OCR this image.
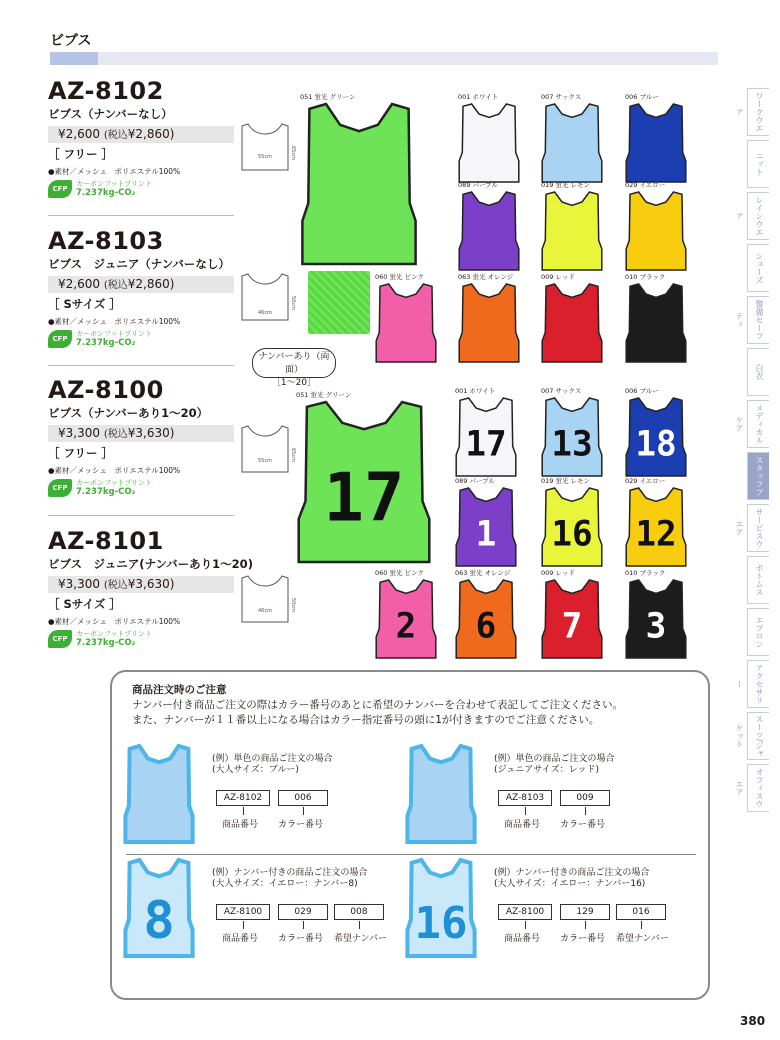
ビブス
AZ-8102
ビブス（ナンバーなし）
¥2,600 (税込¥2,860)
［ フリー ］
●素材／メッシュ　ポリエステル100%
CFP
カーボンフットプリント
7.237kg-CO₂
AZ-8103
ビブス　ジュニア（ナンバーなし）
¥2,600 (税込¥2,860)
［ Sサイズ ］
●素材／メッシュ　ポリエステル100%
CFP
カーボンフットプリント
7.237kg-CO₂
AZ-8100
ビブス（ナンバーあり1～20）
¥3,300 (税込¥3,630)
［ フリー ］
●素材／メッシュ　ポリエステル100%
CFP
カーボンフットプリント
7.237kg-CO₂
AZ-8101
ビブス　ジュニア(ナンバーあり1～20)
¥3,300 (税込¥3,630)
［ Sサイズ ］
●素材／メッシュ　ポリエステル100%
CFP
カーボンフットプリント
7.237kg-CO₂
55cm	65cm
46cm
50cm
55cm	65cm
46cm	50cm
ナンバーあり（両面）
［1～20］
051 蛍光 グリーン	001 ホワイト	007 サックス	006 ブルー
089 パープル	019 蛍光 レモン	029 イエロー
060 蛍光 ピンク	063 蛍光 オレンジ	009 レッド	010 ブラック
051 蛍光 グリーン
17
001 ホワイト
17
007 サックス
13
006 ブルー
18
089 パープル
1
019 蛍光 レモン
16
029 イエロー
12
060 蛍光 ピンク
2
063 蛍光 オレンジ
6
009 レッド
7
010 ブラック
3
ワークウエア
ニット
レインウエア
シューズ
警備セーフティ
白衣
メディカルケア
スタッフブルゾン
サービスウエア
ボトムス
エプロン
アクセサリー
スーツ/ジャケット
オフィスウエア
商品注文時のご注意
ナンバー付き商品ご注文の際はカラー番号のあとに希望のナンバーを合わせて表記してご注文ください。
また、ナンバーが１１番以上になる場合はカラー指定番号の頭に1が付きますのでご注意ください。
(例）単色の商品ご注文の場合
(大人サイズ：ブルー)
AZ-8102	006
商品番号 カラー番号
(例）単色の商品ご注文の場合
(ジュニアサイズ：レッド)
AZ-8103	009
商品番号 カラー番号
8
(例）ナンバー付きの商品ご注文の場合
(大人サイズ：イエロー：ナンバー8)
AZ-8100	029	008
商品番号 カラー番号 希望ナンバー 16
(例）ナンバー付きの商品ご注文の場合
(大人サイズ：イエロー：ナンバー16)
AZ-8100	129	016
商品番号 カラー番号 希望ナンバー
380
